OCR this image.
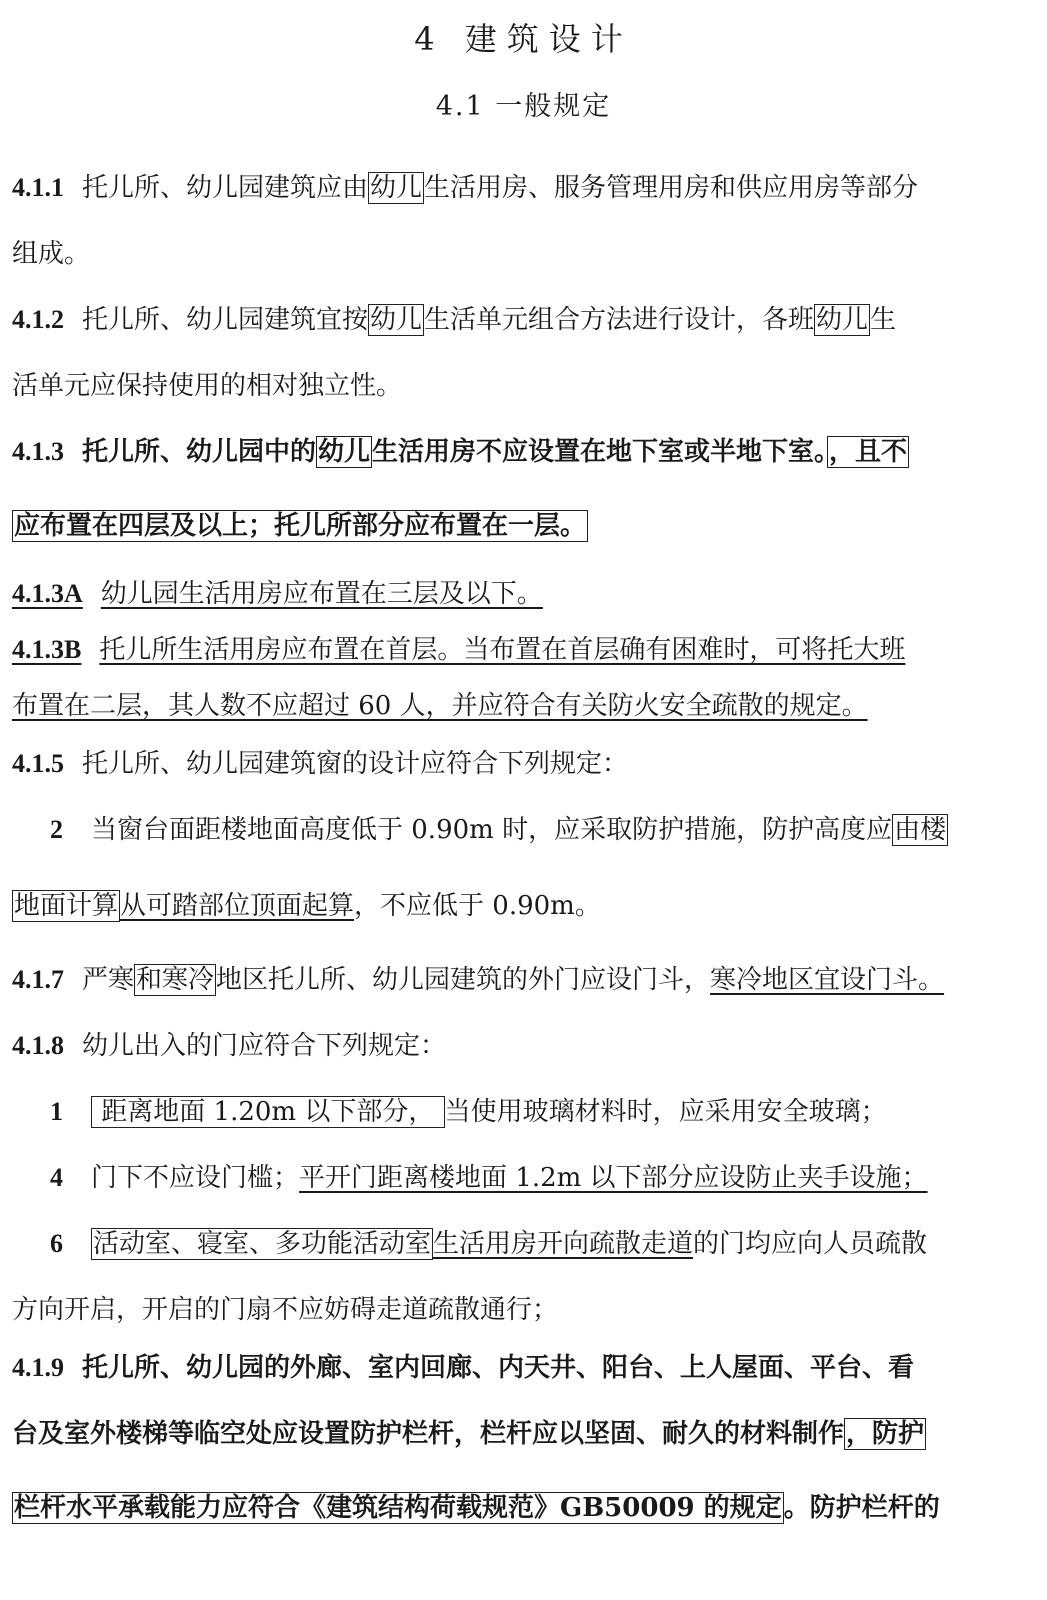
4 建筑设计
4.1 一般规定
4.1.1 托儿所、幼儿园建筑应由幼儿生活用房、服务管理用房和供应用房等部分
组成。
4.1.2 托儿所、幼儿园建筑宜按幼儿生活单元组合方法进行设计，各班幼儿生
活单元应保持使用的相对独立性。
4.1.3 托儿所、幼儿园中的幼儿生活用房不应设置在地下室或半地下室。，且不
应布置在四层及以上；托儿所部分应布置在一层。
4.1.3A 幼儿园生活用房应布置在三层及以下。
4.1.3B 托儿所生活用房应布置在首层。当布置在首层确有困难时，可将托大班
布置在二层，其人数不应超过 60 人，并应符合有关防火安全疏散的规定。
4.1.5 托儿所、幼儿园建筑窗的设计应符合下列规定：
2 当窗台面距楼地面高度低于 0.90m 时，应采取防护措施，防护高度应由楼
地面计算从可踏部位顶面起算，不应低于 0.90m。
4.1.7 严寒和寒冷地区托儿所、幼儿园建筑的外门应设门斗，寒冷地区宜设门斗。
4.1.8 幼儿出入的门应符合下列规定：
1 距离地面 1.20m 以下部分， 当使用玻璃材料时，应采用安全玻璃；
4 门下不应设门槛；平开门距离楼地面 1.2m 以下部分应设防止夹手设施；
6 活动室、寝室、多功能活动室生活用房开向疏散走道的门均应向人员疏散
方向开启，开启的门扇不应妨碍走道疏散通行；
4.1.9 托儿所、幼儿园的外廊、室内回廊、内天井、阳台、上人屋面、平台、看
台及室外楼梯等临空处应设置防护栏杆，栏杆应以坚固、耐久的材料制作，防护
栏杆水平承载能力应符合《建筑结构荷载规范》GB50009 的规定。防护栏杆的
